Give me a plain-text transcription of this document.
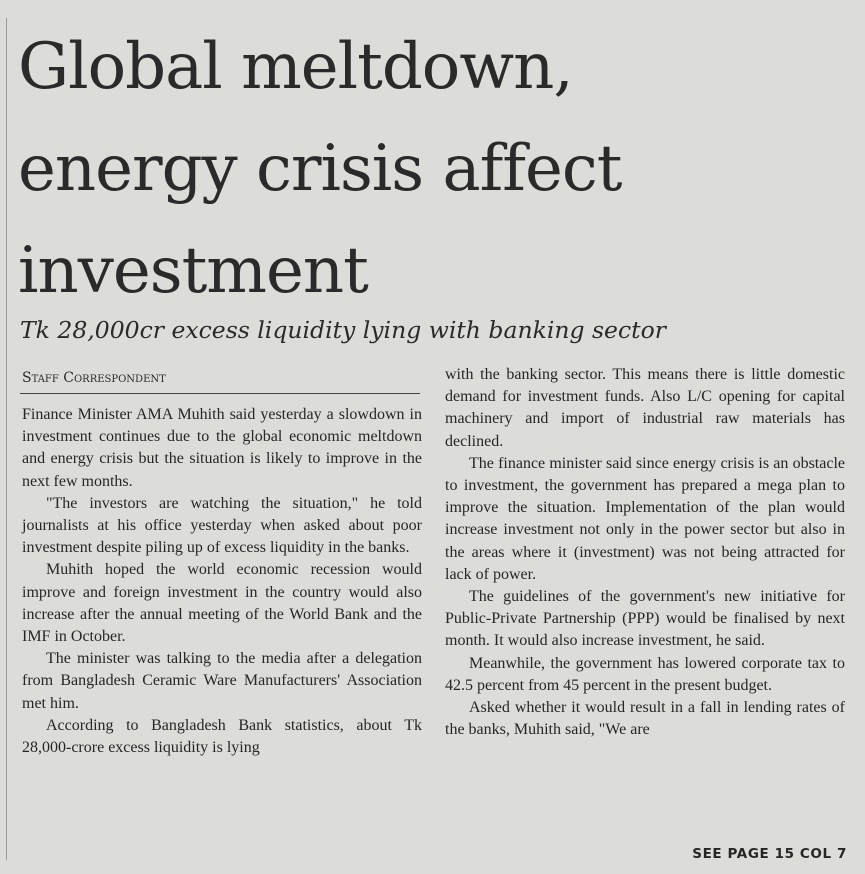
Global meltdown,
energy crisis affect
investment
Tk 28,000cr excess liquidity lying with banking sector
Staff Correspondent

Finance Minister AMA Muhith said yesterday a slowdown in investment continues due to the global economic meltdown and energy crisis but the situation is likely to improve in the next few months.

"The investors are watching the situation," he told journalists at his office yesterday when asked about poor investment despite piling up of excess liquidity in the banks.

Muhith hoped the world economic recession would improve and foreign investment in the country would also increase after the annual meeting of the World Bank and the IMF in October.

The minister was talking to the media after a delegation from Bangladesh Ceramic Ware Manufacturers' Association met him.

According to Bangladesh Bank statistics, about Tk 28,000-crore excess liquidity is lying

with the banking sector. This means there is little domestic demand for investment funds. Also L/C opening for capital machinery and import of industrial raw materials has declined.

The finance minister said since energy crisis is an obstacle to investment, the government has prepared a mega plan to improve the situation. Implementation of the plan would increase investment not only in the power sector but also in the areas where it (investment) was not being attracted for lack of power.

The guidelines of the government's new initiative for Public-Private Partnership (PPP) would be finalised by next month. It would also increase investment, he said.

Meanwhile, the government has lowered corporate tax to 42.5 percent from 45 percent in the present budget.

Asked whether it would result in a fall in lending rates of the banks, Muhith said, "We are

SEE PAGE 15 COL 7
